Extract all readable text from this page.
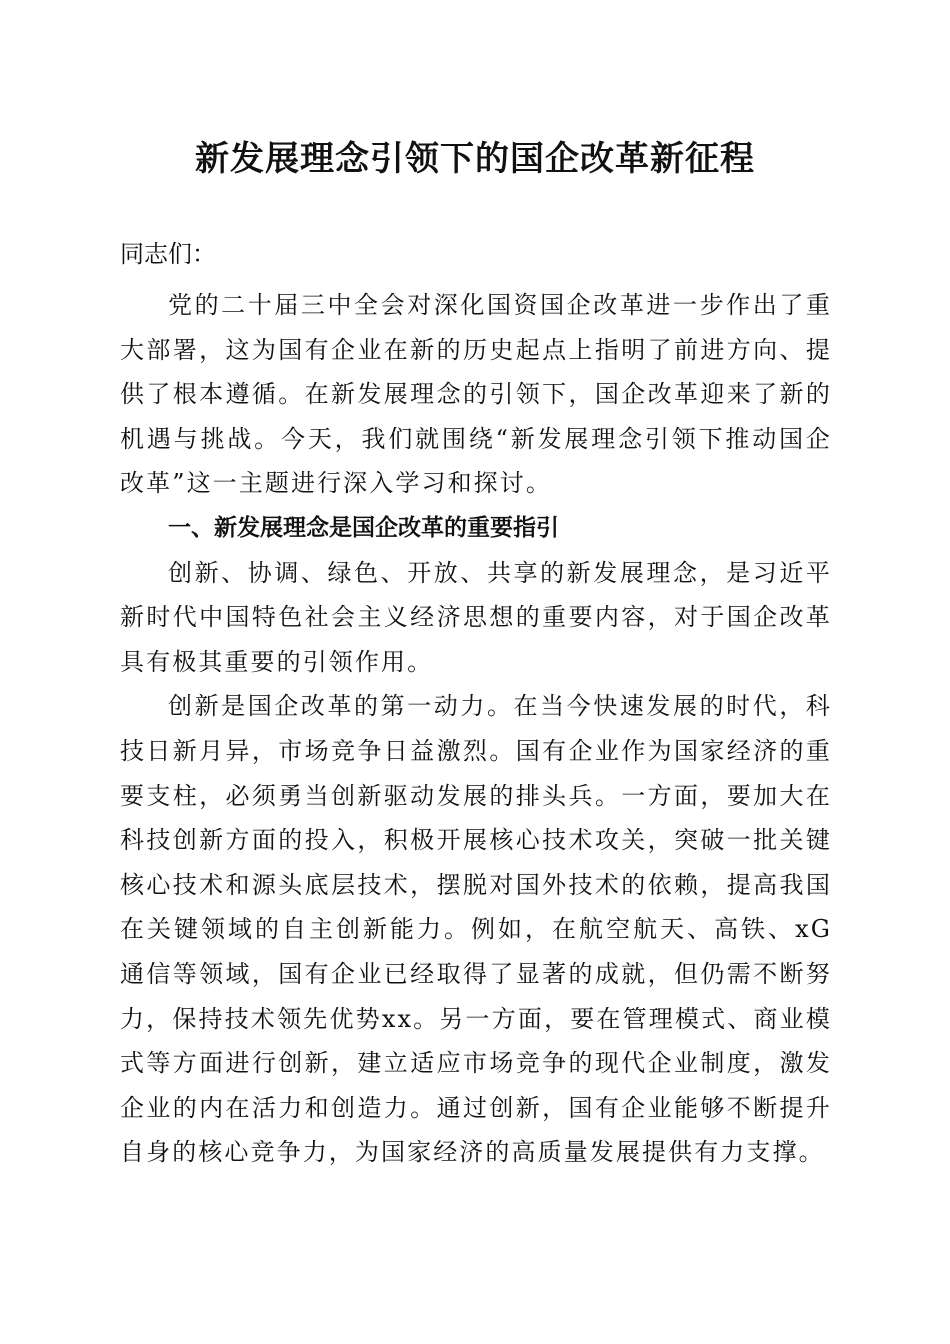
新发展理念引领下的国企改革新征程

同志们：

党的二十届三中全会对深化国资国企改革进一步作出了重大部署，这为国有企业在新的历史起点上指明了前进方向、提供了根本遵循。在新发展理念的引领下，国企改革迎来了新的机遇与挑战。今天，我们就围绕“新发展理念引领下推动国企改革”这一主题进行深入学习和探讨。

一、新发展理念是国企改革的重要指引

创新、协调、绿色、开放、共享的新发展理念，是习近平新时代中国特色社会主义经济思想的重要内容，对于国企改革具有极其重要的引领作用。

创新是国企改革的第一动力。在当今快速发展的时代，科技日新月异，市场竞争日益激烈。国有企业作为国家经济的重要支柱，必须勇当创新驱动发展的排头兵。一方面，要加大在科技创新方面的投入，积极开展核心技术攻关，突破一批关键核心技术和源头底层技术，摆脱对国外技术的依赖，提高我国在关键领域的自主创新能力。例如，在航空航天、高铁、xG通信等领域，国有企业已经取得了显著的成就，但仍需不断努力，保持技术领先优势xx。另一方面，要在管理模式、商业模式等方面进行创新，建立适应市场竞争的现代企业制度，激发企业的内在活力和创造力。通过创新，国有企业能够不断提升自身的核心竞争力，为国家经济的高质量发展提供有力支撑。
